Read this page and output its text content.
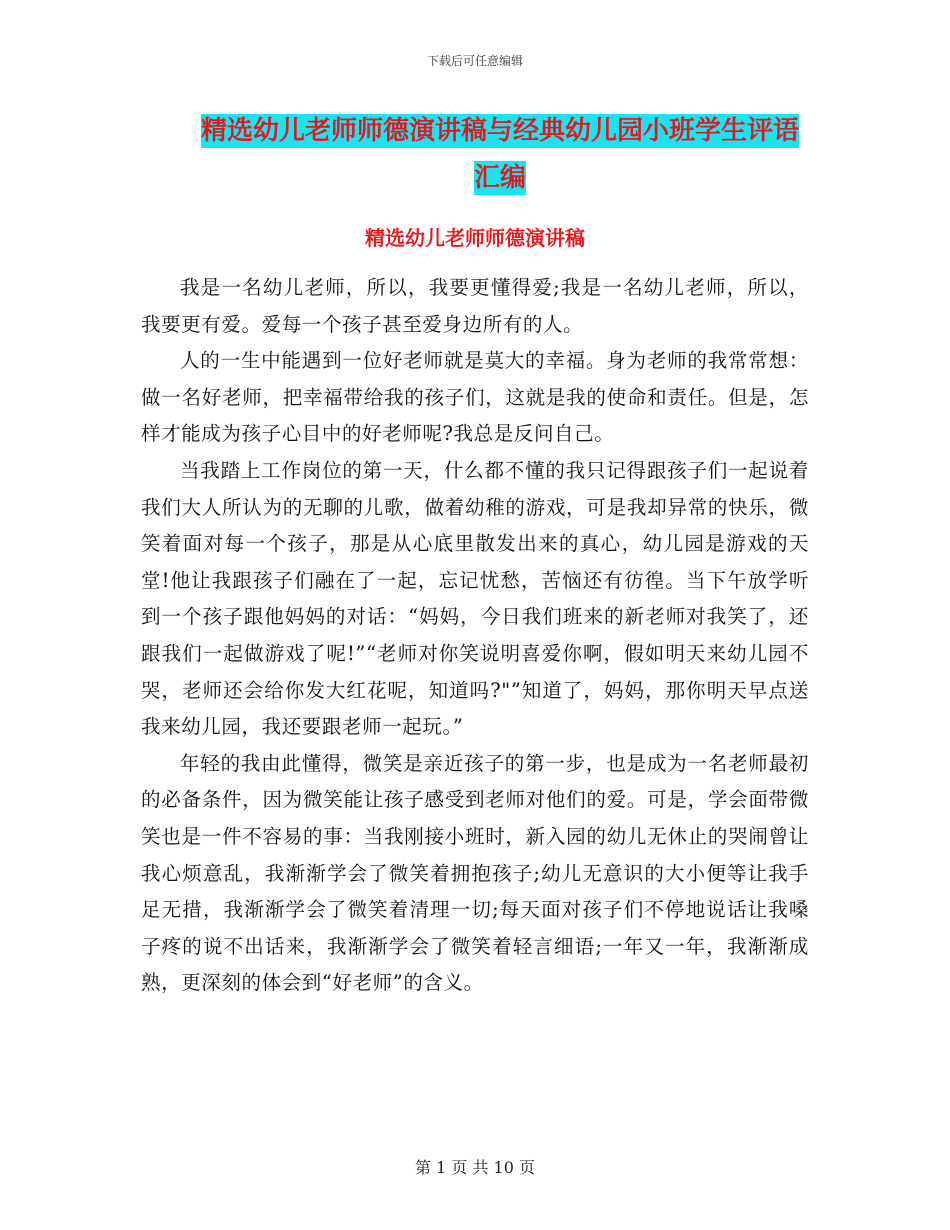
下载后可任意编辑
精选幼儿老师师德演讲稿与经典幼儿园小班学生评语
汇编
精选幼儿老师师德演讲稿

我是一名幼儿老师，所以，我要更懂得爱;我是一名幼儿老师，所以，我要更有爱。爱每一个孩子甚至爱身边所有的人。

人的一生中能遇到一位好老师就是莫大的幸福。身为老师的我常常想：做一名好老师，把幸福带给我的孩子们，这就是我的使命和责任。但是，怎样才能成为孩子心目中的好老师呢?我总是反问自己。

当我踏上工作岗位的第一天，什么都不懂的我只记得跟孩子们一起说着我们大人所认为的无聊的儿歌，做着幼稚的游戏，可是我却异常的快乐，微笑着面对每一个孩子，那是从心底里散发出来的真心，幼儿园是游戏的天堂!他让我跟孩子们融在了一起，忘记忧愁，苦恼还有彷徨。当下午放学听到一个孩子跟他妈妈的对话：“妈妈，今日我们班来的新老师对我笑了，还跟我们一起做游戏了呢!”“老师对你笑说明喜爱你啊，假如明天来幼儿园不哭，老师还会给你发大红花呢，知道吗?"”知道了，妈妈，那你明天早点送我来幼儿园，我还要跟老师一起玩。”

年轻的我由此懂得，微笑是亲近孩子的第一步，也是成为一名老师最初的必备条件，因为微笑能让孩子感受到老师对他们的爱。可是，学会面带微笑也是一件不容易的事：当我刚接小班时，新入园的幼儿无休止的哭闹曾让我心烦意乱，我渐渐学会了微笑着拥抱孩子;幼儿无意识的大小便等让我手足无措，我渐渐学会了微笑着清理一切;每天面对孩子们不停地说话让我嗓子疼的说不出话来，我渐渐学会了微笑着轻言细语;一年又一年，我渐渐成熟，更深刻的体会到“好老师”的含义。

第 1 页 共 10 页
